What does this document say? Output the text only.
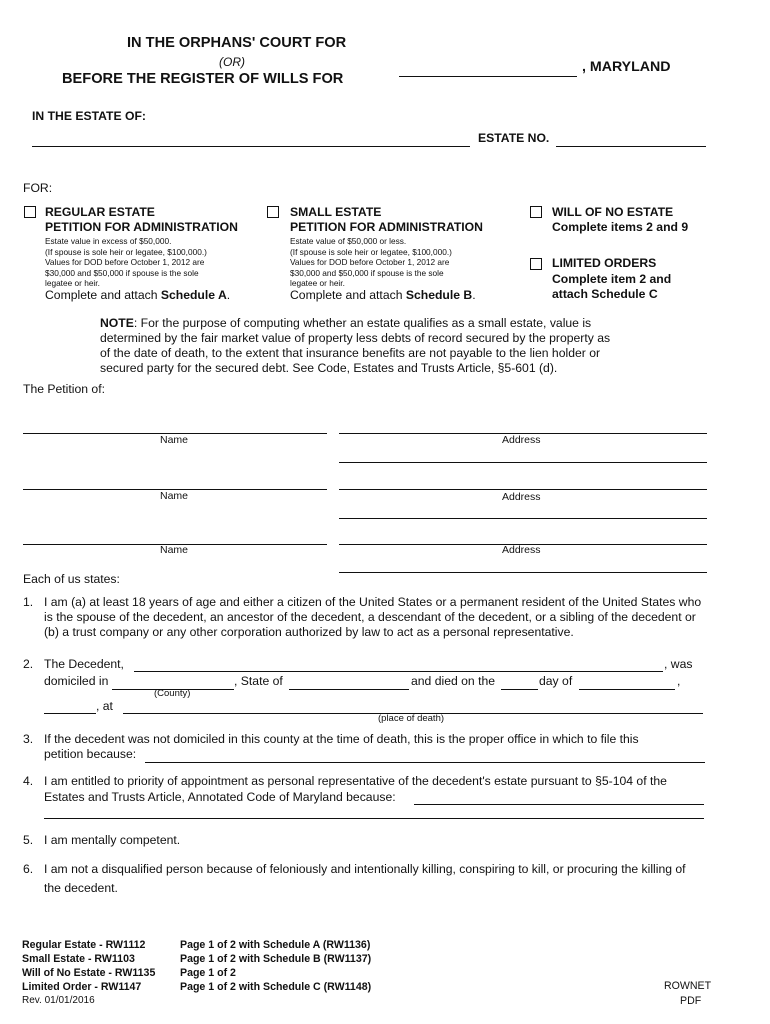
IN THE ORPHANS' COURT FOR
(OR)
BEFORE THE REGISTER OF WILLS FOR
, MARYLAND
IN THE ESTATE OF:
ESTATE NO.
FOR:
REGULAR ESTATE
PETITION FOR ADMINISTRATION
Estate value in excess of $50,000.
(If spouse is sole heir or legatee, $100,000.)
Values for DOD before October 1, 2012 are
$30,000 and $50,000 if spouse is the sole
legatee or heir.
Complete and attach Schedule A.
SMALL ESTATE
PETITION FOR ADMINISTRATION
Estate value of $50,000 or less.
(If spouse is sole heir or legatee, $100,000.)
Values for DOD before October 1, 2012 are
$30,000 and $50,000 if spouse is the sole
legatee or heir.
Complete and attach Schedule B.
WILL OF NO ESTATE
Complete items 2 and 9
LIMITED ORDERS
Complete item 2 and
attach Schedule C
NOTE: For the purpose of computing whether an estate qualifies as a small estate, value is determined by the fair market value of property less debts of record secured by the property as of the date of death, to the extent that insurance benefits are not payable to the lien holder or secured party for the secured debt. See Code, Estates and Trusts Article, §5-601 (d).
The Petition of:
Name	Address
Name	Address
Name	Address
Each of us states:
1. I am (a) at least 18 years of age and either a citizen of the United States or a permanent resident of the United States who is the spouse of the decedent, an ancestor of the decedent, a descendant of the decedent, or a sibling of the decedent or (b) a trust company or any other corporation authorized by law to act as a personal representative.
2. The Decedent,	, was
domiciled in
(County)
, State of	and died on the	day of	,
, at
(place of death)
3. If the decedent was not domiciled in this county at the time of death, this is the proper office in which to file this
petition because:
4. I am entitled to priority of appointment as personal representative of the decedent's estate pursuant to §5-104 of the
Estates and Trusts Article, Annotated Code of Maryland because:
5. I am mentally competent.
6. I am not a disqualified person because of feloniously and intentionally killing, conspiring to kill, or procuring the killing of
the decedent.
Regular Estate - RW1112	Page 1 of 2 with Schedule A (RW1136)
Small Estate - RW1103	Page 1 of 2 with Schedule B (RW1137)
Will of No Estate - RW1135 Page 1 of 2
Limited Order - RW1147	Page 1 of 2 with Schedule C (RW1148)
Rev. 01/01/2016
ROWNET
PDF
